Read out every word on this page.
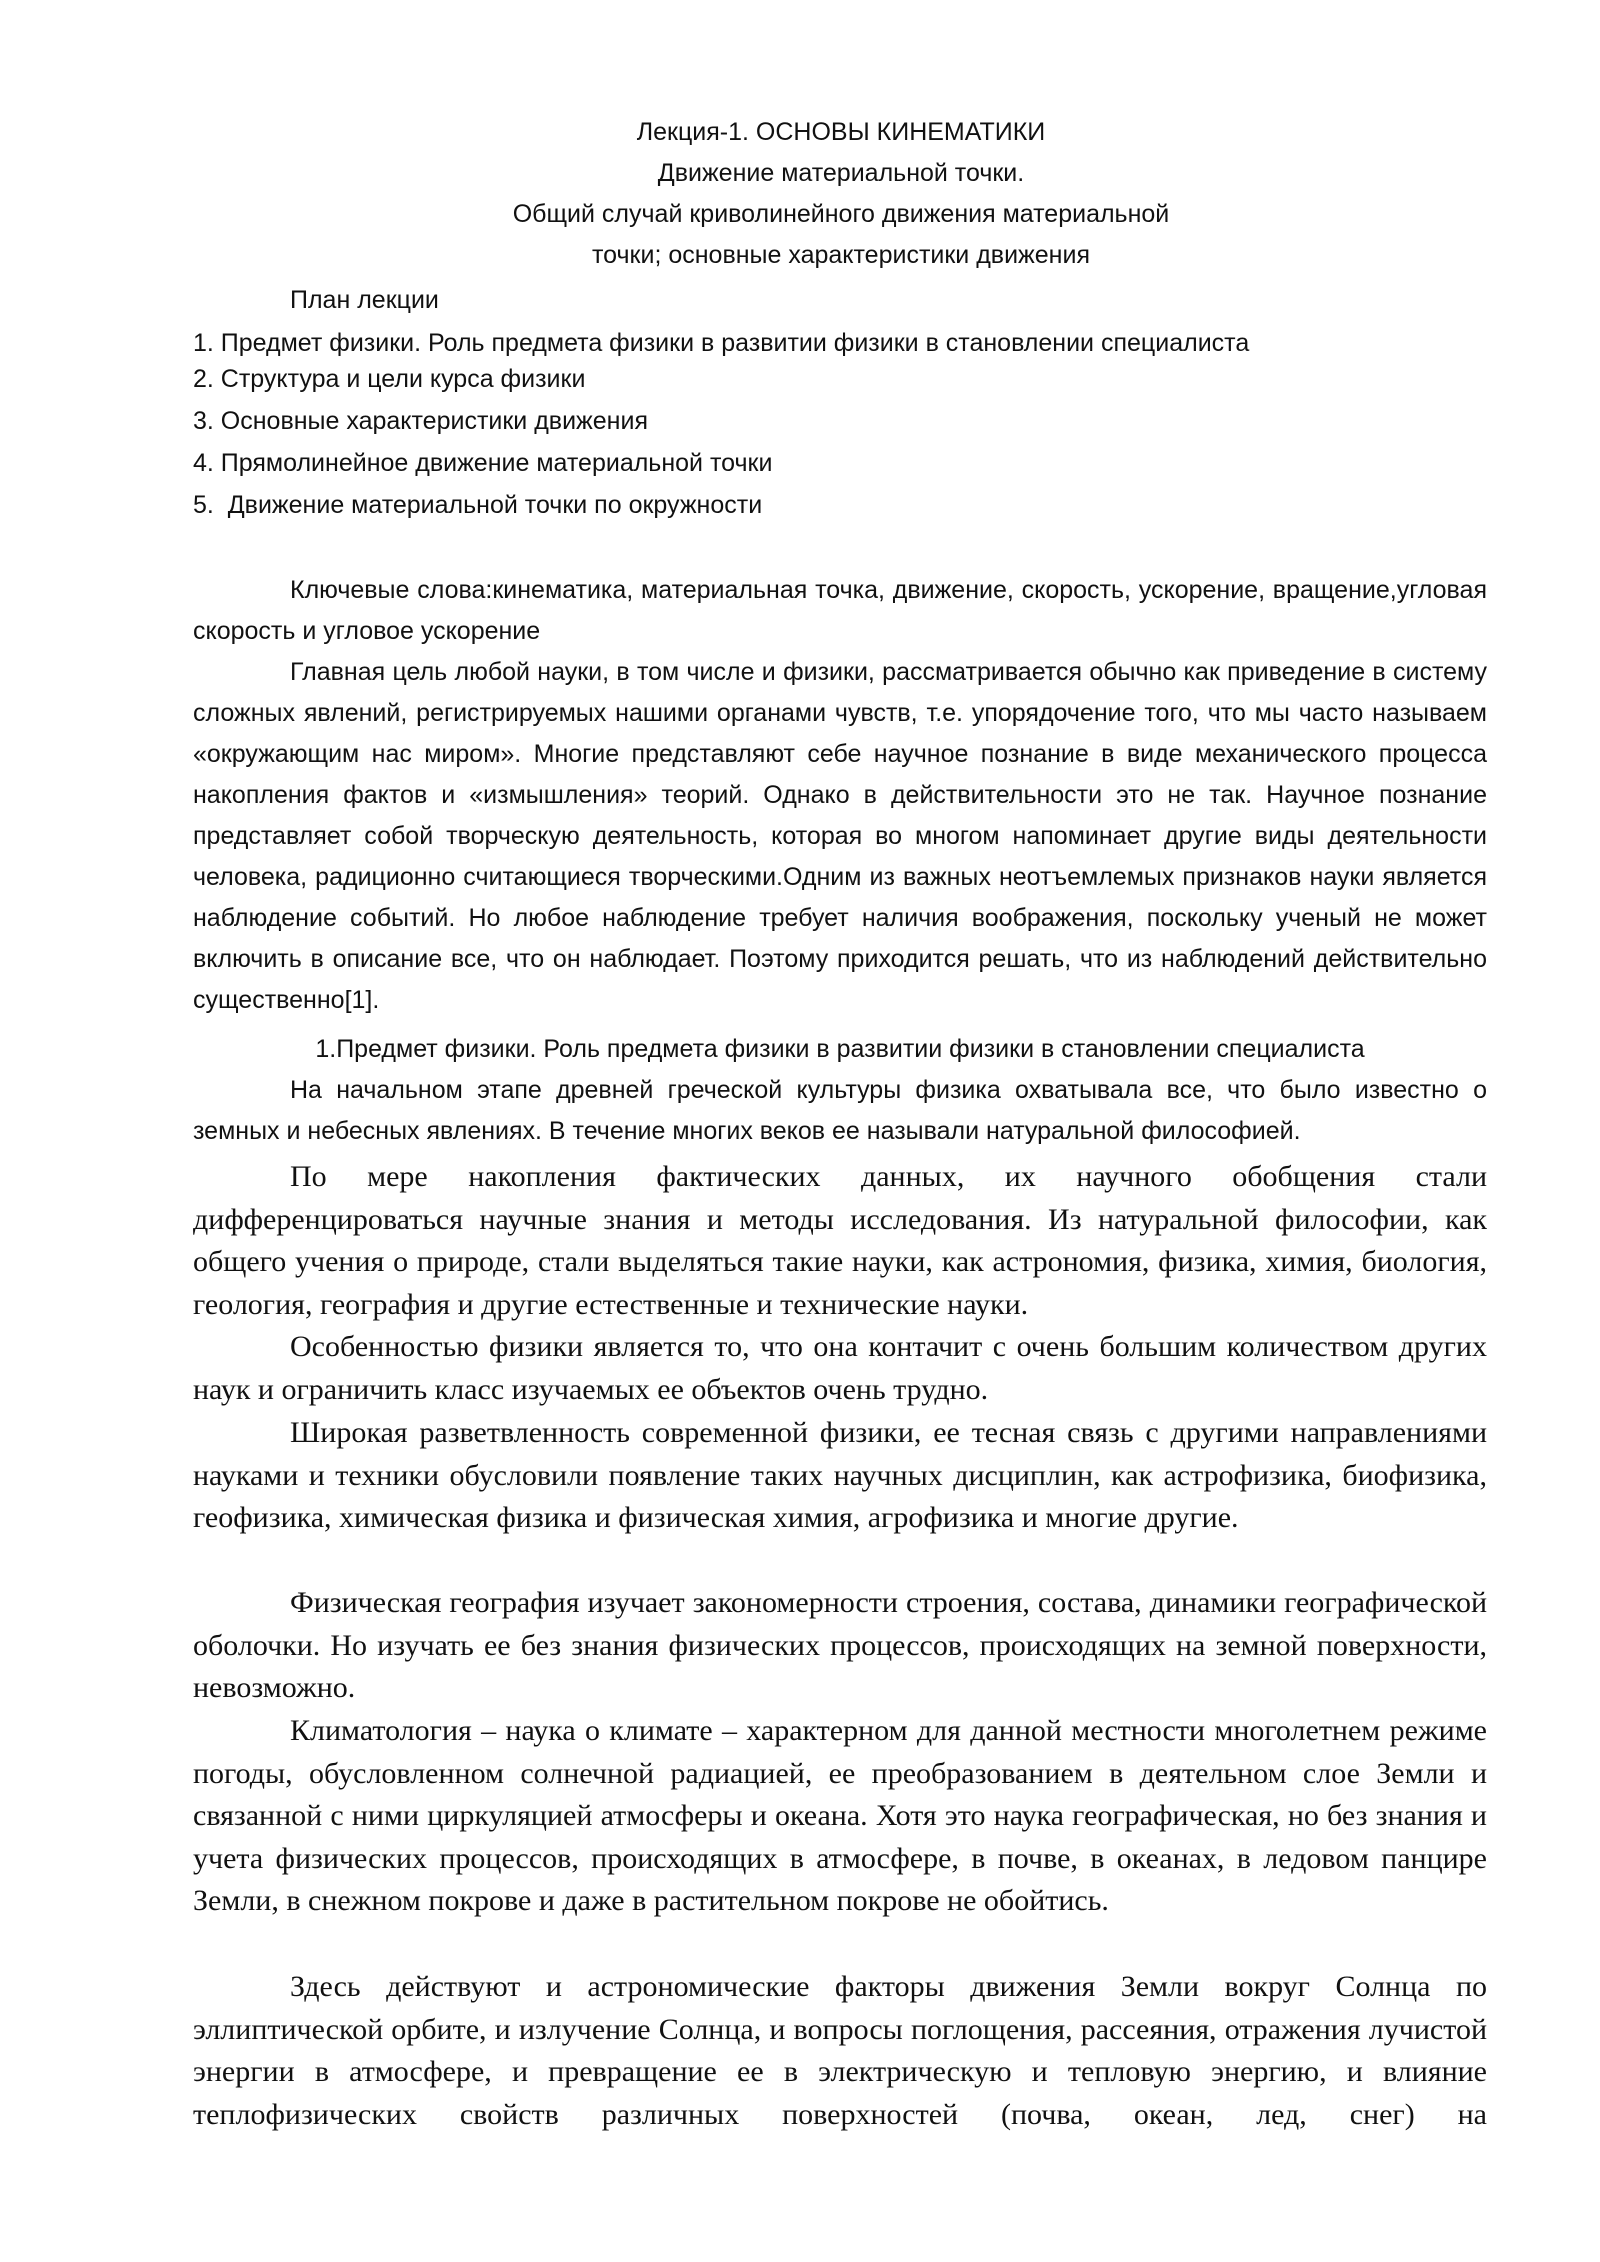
Лекция-1. ОСНОВЫ КИНЕМАТИКИ
Движение материальной точки.
Общий случай криволинейного движения материальной
точки; основные характеристики движения
План лекции
1. Предмет физики. Роль предмета физики в развитии физики в становлении специалиста
2. Структура и цели курса физики
3. Основные характеристики движения
4. Прямолинейное движение материальной точки
5.  Движение материальной точки по окружности

Ключевые слова:кинематика, материальная точка, движение, скорость, ускорение, вращение,угловая скорость и угловое ускорение

Главная цель любой науки, в том числе и физики, рассматривается обычно как приведение в систему сложных явлений, регистрируемых нашими органами чувств, т.е. упорядочение того, что мы часто называем «окружающим нас миром». Многие представляют себе научное познание в виде механического процесса накопления фактов и «измышления» теорий. Однако в действительности это не так. Научное познание представляет собой творческую деятельность, которая во многом напоминает другие виды деятельности человека, радиционно считающиеся творческими.Одним из важных неотъемлемых признаков науки является наблюдение событий. Но любое наблюдение требует наличия воображения, поскольку ученый не может включить в описание все, что он наблюдает. Поэтому приходится решать, что из наблюдений действительно существенно[1].

1.Предмет физики. Роль предмета физики в развитии физики в становлении специалиста

На начальном этапе древней греческой культуры физика охватывала все, что было известно о земных и небесных явлениях. В течение многих веков ее называли натуральной философией.

По мере накопления фактических данных, их научного обобщения стали дифференцироваться научные знания и методы исследования. Из натуральной философии, как общего учения о природе, стали выделяться такие науки, как астрономия, физика, химия, биология, геология, география и другие естественные и технические науки.

Особенностью физики является то, что она контачит с очень большим количеством других наук и ограничить класс изучаемых ее объектов очень трудно.

Широкая разветвленность современной физики, ее тесная связь с другими направлениями науками и техники обусловили появление таких научных дисциплин, как астрофизика, биофизика, геофизика, химическая физика и физическая химия, агрофизика и многие другие.

Физическая география изучает закономерности строения, состава, динамики географической оболочки. Но изучать ее без знания физических процессов, происходящих на земной поверхности, невозможно.

Климатология – наука о климате – характерном для данной местности многолетнем режиме погоды, обусловленном солнечной радиацией, ее преобразованием в деятельном слое Земли и связанной с ними циркуляцией атмосферы и океана. Хотя это наука географическая, но без знания и учета физических процессов, происходящих в атмосфере, в почве, в океанах, в ледовом панцире Земли, в снежном покрове и даже в растительном покрове не обойтись.

Здесь действуют и астрономические факторы движения Земли вокруг Солнца по эллиптической орбите, и излучение Солнца, и вопросы поглощения, рассеяния, отражения лучистой энергии в атмосфере, и превращение ее в электрическую и тепловую энергию, и влияние теплофизических свойств различных поверхностей (почва, океан, лед, снег) на
